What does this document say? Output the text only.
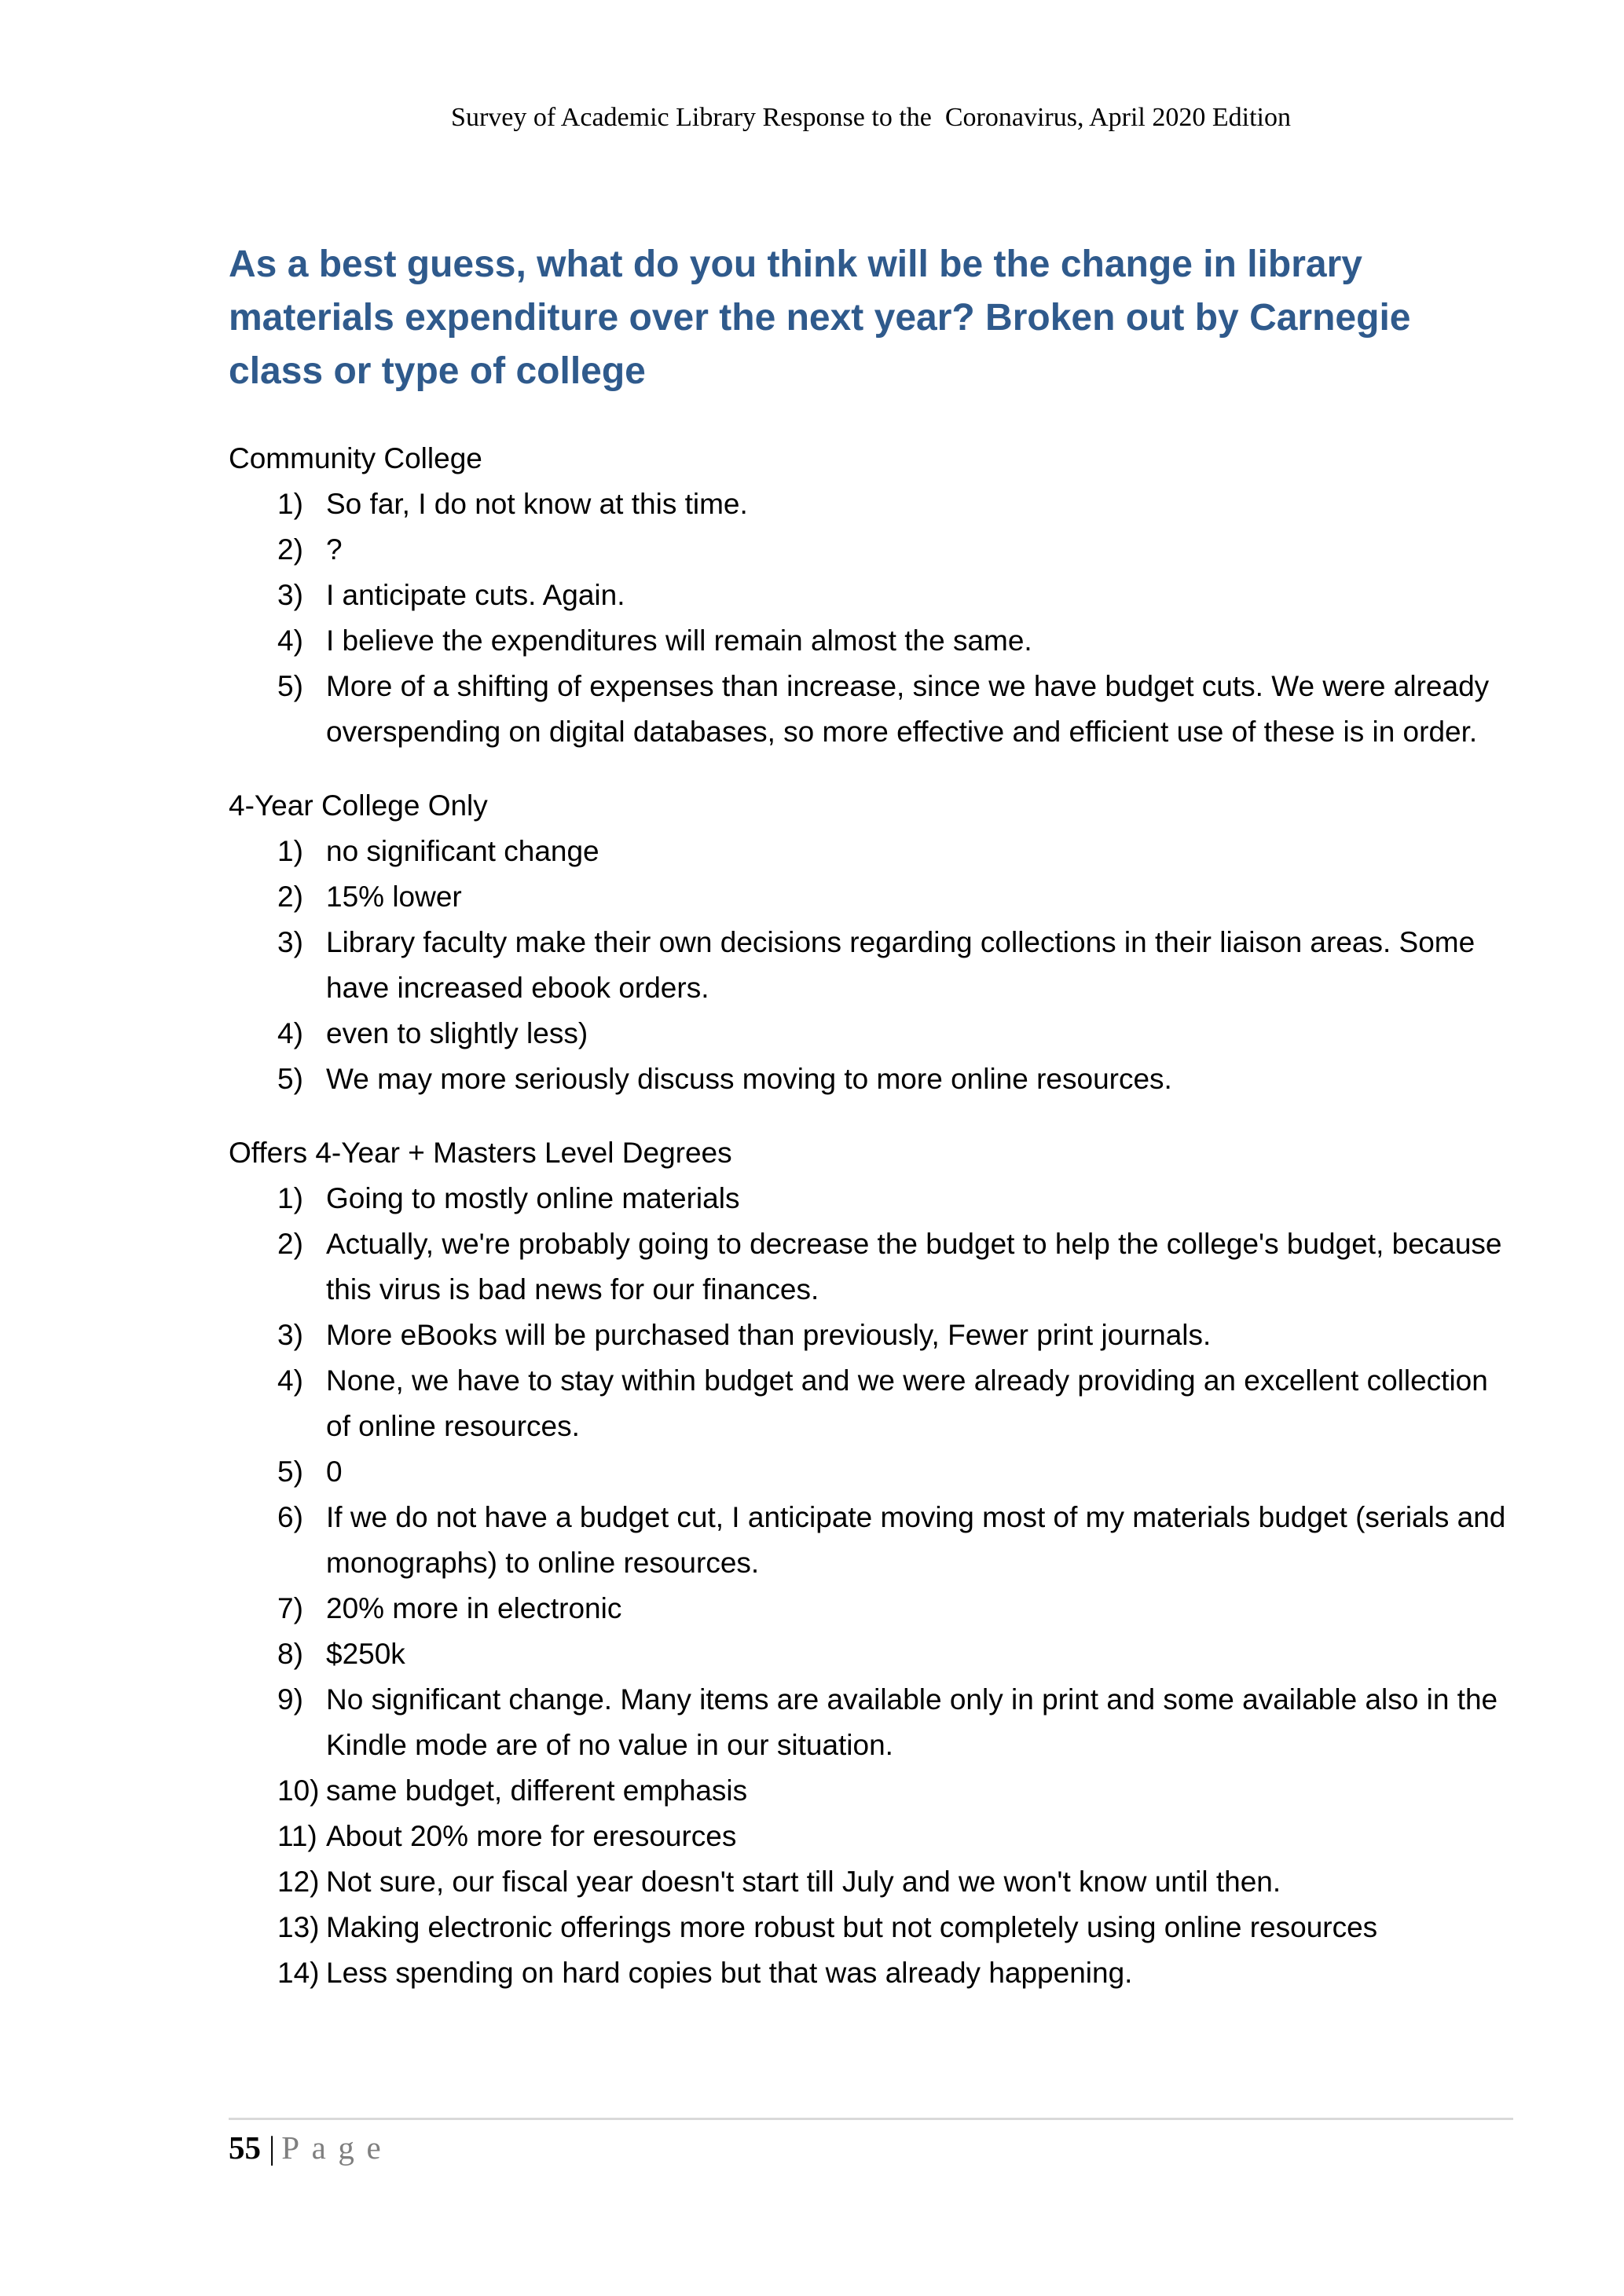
Survey of Academic Library Response to the  Coronavirus, April 2020 Edition
As a best guess, what do you think will be the change in library
materials expenditure over the next year? Broken out by Carnegie
class or type of college
Community College
1) So far, I do not know at this time.
2) ?
3) I anticipate cuts. Again.
4) I believe the expenditures will remain almost the same.
5) More of a shifting of expenses than increase, since we have budget cuts. We were already overspending on digital databases, so more effective and efficient use of these is in order.
4-Year College Only
1) no significant change
2) 15% lower
3) Library faculty make their own decisions regarding collections in their liaison areas. Some have increased ebook orders.
4) even to slightly less)
5) We may more seriously discuss moving to more online resources.
Offers 4-Year + Masters Level Degrees
1) Going to mostly online materials
2) Actually, we're probably going to decrease the budget to help the college's budget, because this virus is bad news for our finances.
3) More eBooks will be purchased than previously, Fewer print journals.
4) None, we have to stay within budget and we were already providing an excellent collection of online resources.
5) 0
6) If we do not have a budget cut, I anticipate moving most of my materials budget (serials and monographs) to online resources.
7) 20% more in electronic
8) $250k
9) No significant change. Many items are available only in print and some available also in the Kindle mode are of no value in our situation.
10) same budget, different emphasis
11) About 20% more for eresources
12) Not sure, our fiscal year doesn't start till July and we won't know until then.
13) Making electronic offerings more robust but not completely using online resources
14) Less spending on hard copies but that was already happening.
55 | Page
